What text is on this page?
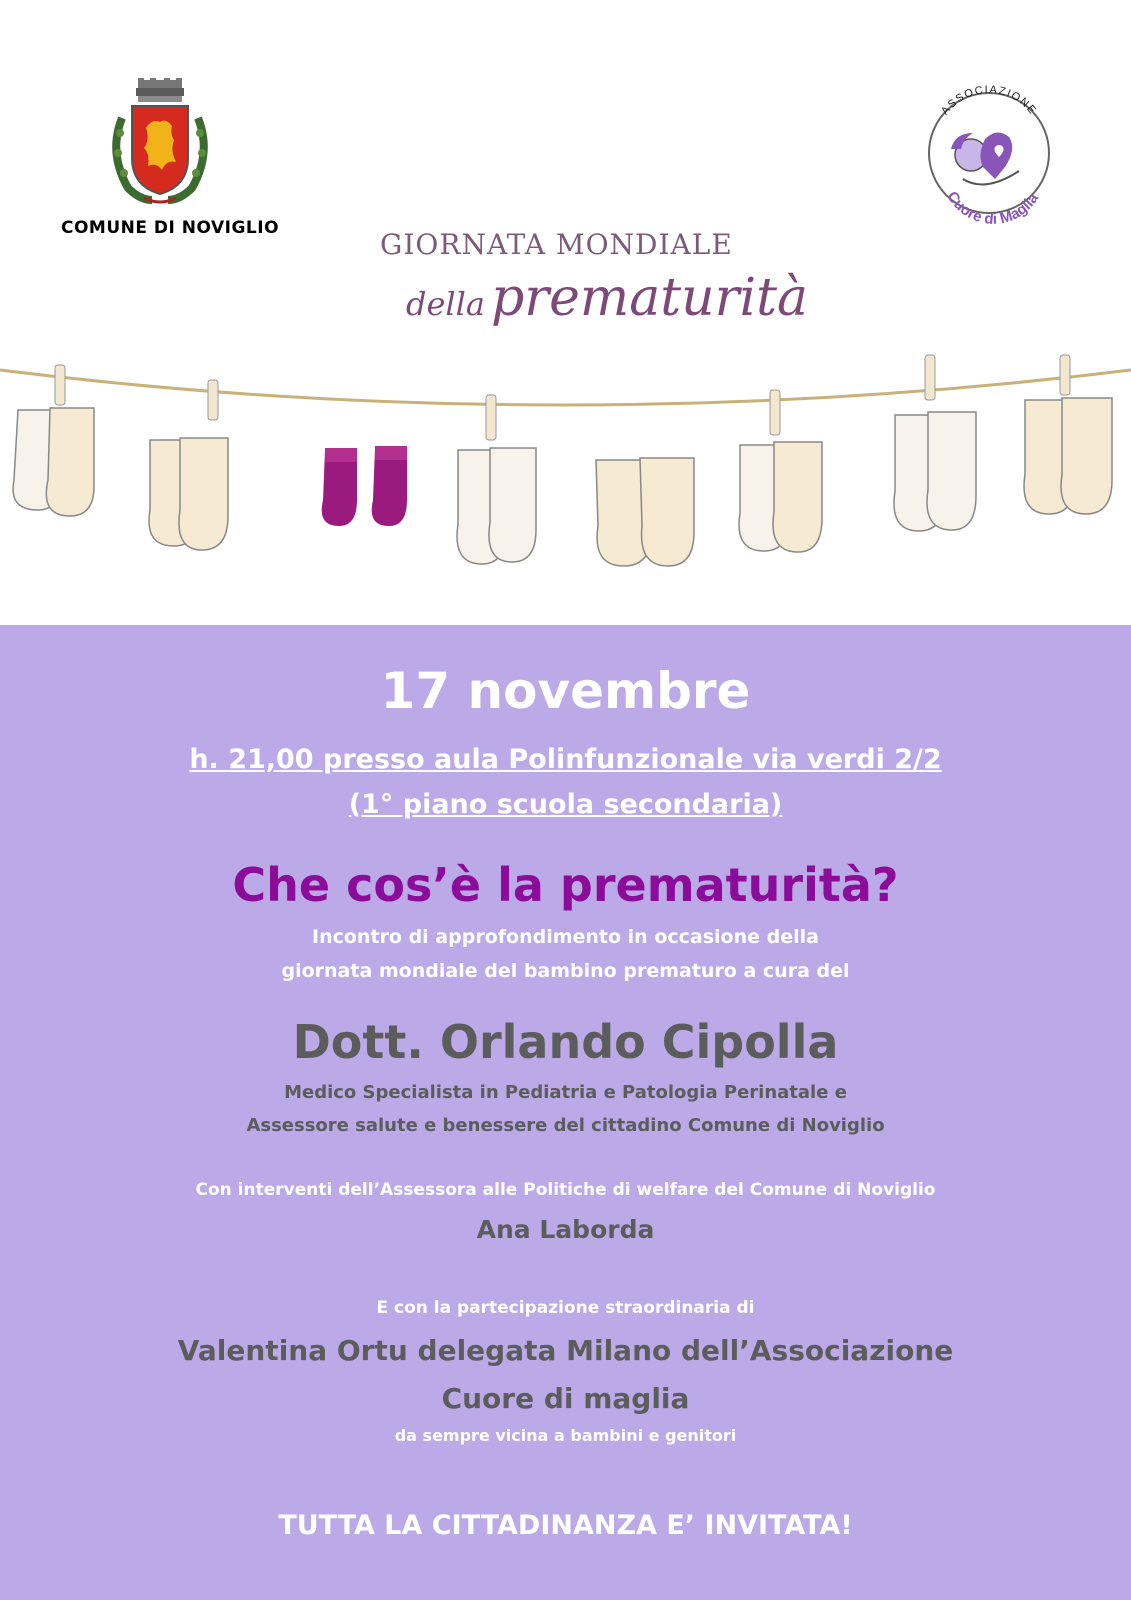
COMUNE DI NOVIGLIO
ASSOCIAZIONE
Cuore di Maglia
GIORNATA MONDIALE
della prematurità
17 novembre
h. 21,00 presso aula Polinfunzionale via verdi 2/2
(1° piano scuola secondaria)
Che cos’è la prematurità?
Incontro di approfondimento in occasione della
giornata mondiale del bambino prematuro a cura del
Dott. Orlando Cipolla
Medico Specialista in Pediatria e Patologia Perinatale e
Assessore salute e benessere del cittadino Comune di Noviglio
Con interventi dell’Assessora alle Politiche di welfare del Comune di Noviglio
Ana Laborda
E con la partecipazione straordinaria di
Valentina Ortu delegata Milano dell’Associazione
Cuore di maglia
da sempre vicina a bambini e genitori
TUTTA LA CITTADINANZA E’ INVITATA!
